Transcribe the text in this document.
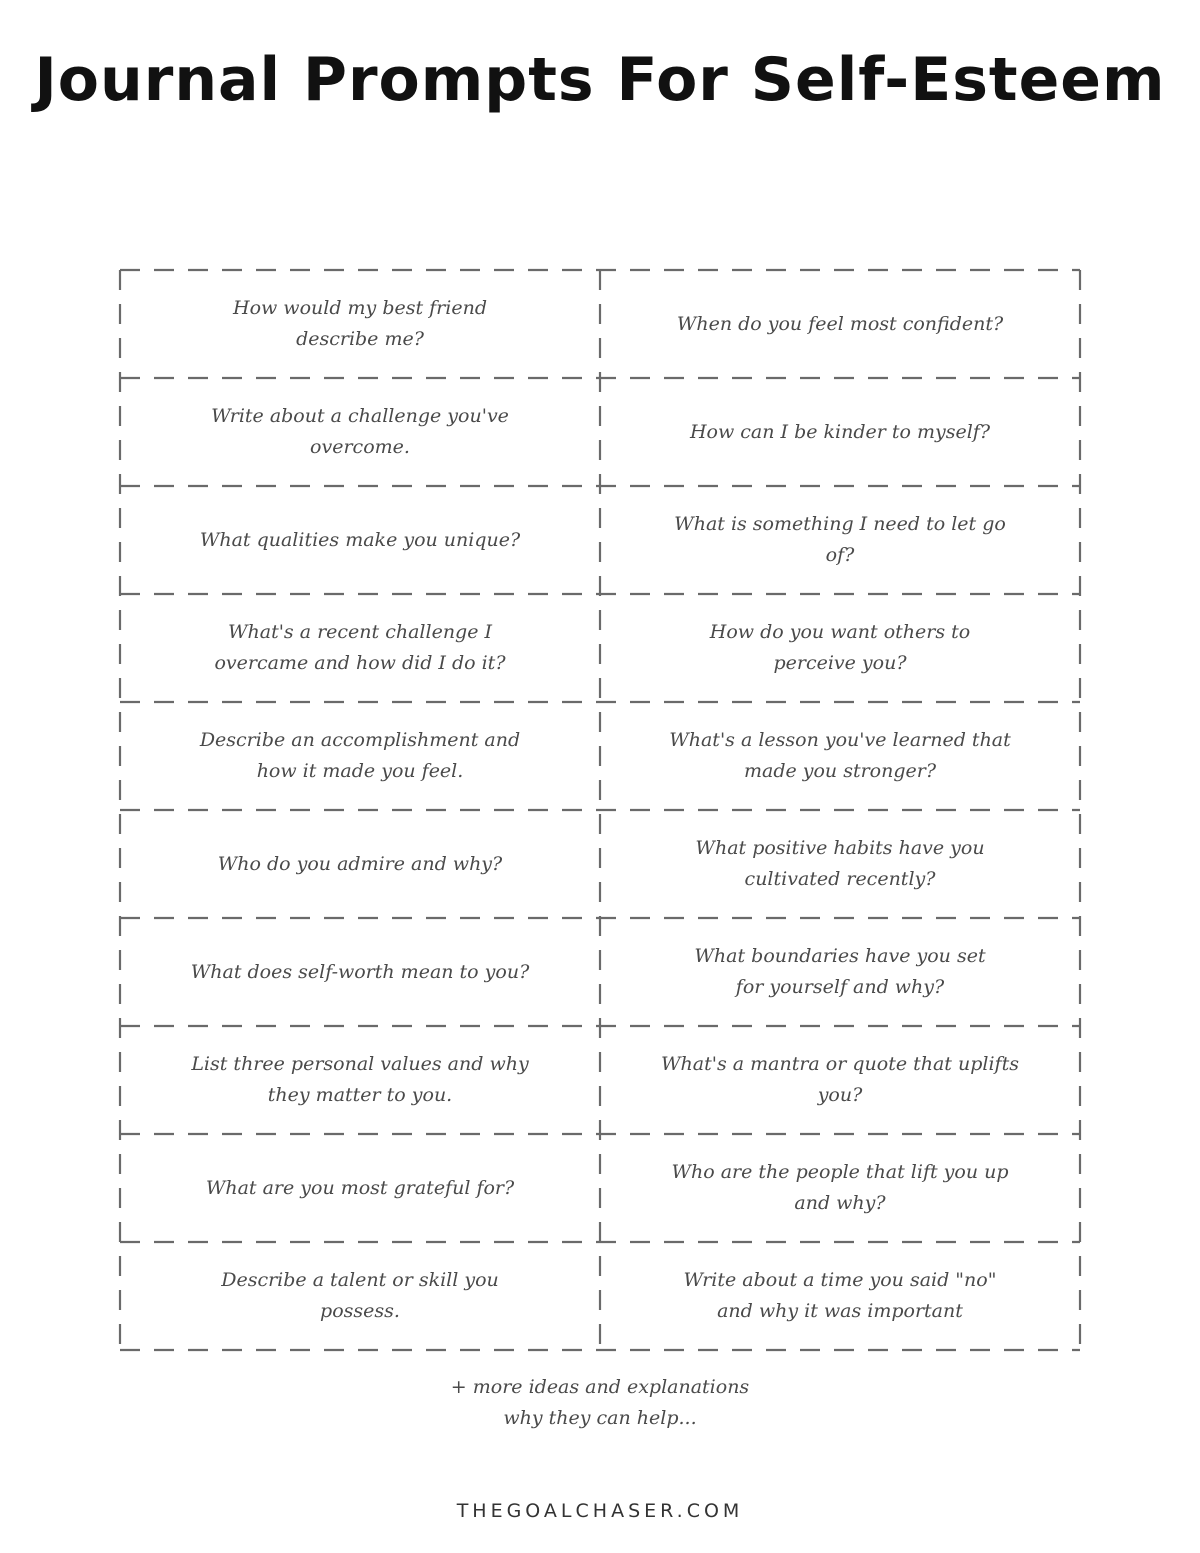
Journal Prompts For Self-Esteem
How would my best friend describe me?
When do you feel most confident?
Write about a challenge you've overcome.
How can I be kinder to myself?
What qualities make you unique?
What is something I need to let go of?
What's a recent challenge I overcame and how did I do it?
How do you want others to perceive you?
Describe an accomplishment and how it made you feel.
What's a lesson you've learned that made you stronger?
Who do you admire and why?
What positive habits have you cultivated recently?
What does self-worth mean to you?
What boundaries have you set for yourself and why?
List three personal values and why they matter to you.
What's a mantra or quote that uplifts you?
What are you most grateful for?
Who are the people that lift you up and why?
Describe a talent or skill you possess.
Write about a time you said "no" and why it was important
+ more ideas and explanations why they can help...
THEGOALCHASER.COM
